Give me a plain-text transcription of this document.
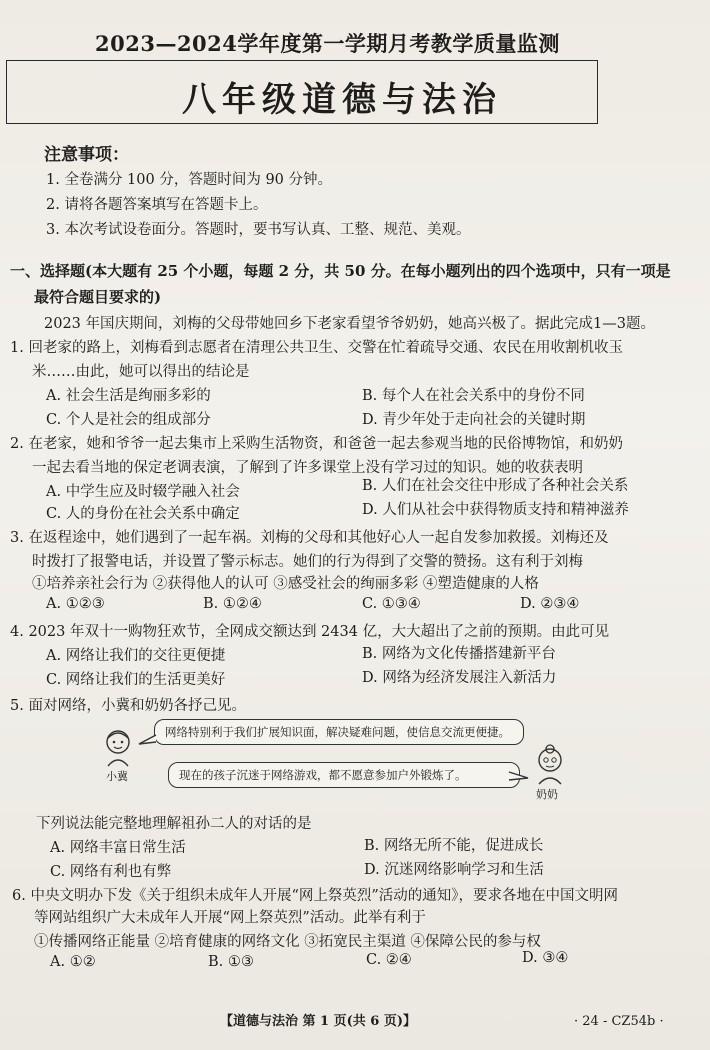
2023—2024学年度第一学期月考教学质量监测
八年级道德与法治
注意事项：
1. 全卷满分 100 分，答题时间为 90 分钟。
2. 请将各题答案填写在答题卡上。
3. 本次考试设卷面分。答题时，要书写认真、工整、规范、美观。
一、选择题(本大题有 25 个小题，每题 2 分，共 50 分。在每小题列出的四个选项中，只有一项是
最符合题目要求的)
2023 年国庆期间，刘梅的父母带她回乡下老家看望爷爷奶奶，她高兴极了。据此完成1—3题。
1. 回老家的路上，刘梅看到志愿者在清理公共卫生、交警在忙着疏导交通、农民在用收割机收玉
米……由此，她可以得出的结论是
A. 社会生活是绚丽多彩的	B. 每个人在社会关系中的身份不同
C. 个人是社会的组成部分	D. 青少年处于走向社会的关键时期
2. 在老家，她和爷爷一起去集市上采购生活物资，和爸爸一起去参观当地的民俗博物馆，和奶奶
一起去看当地的保定老调表演，了解到了许多课堂上没有学习过的知识。她的收获表明
A. 中学生应及时辍学融入社会	B. 人们在社会交往中形成了各种社会关系
C. 人的身份在社会关系中确定	D. 人们从社会中获得物质支持和精神滋养
3. 在返程途中，她们遇到了一起车祸。刘梅的父母和其他好心人一起自发参加救援。刘梅还及
时拨打了报警电话，并设置了警示标志。她们的行为得到了交警的赞扬。这有利于刘梅
①培养亲社会行为 ②获得他人的认可 ③感受社会的绚丽多彩 ④塑造健康的人格
A. ①②③	B. ①②④	C. ①③④	D. ②③④
4. 2023 年双十一购物狂欢节，全网成交额达到 2434 亿，大大超出了之前的预期。由此可见
A. 网络让我们的交往更便捷	B. 网络为文化传播搭建新平台
C. 网络让我们的生活更美好	D. 网络为经济发展注入新活力
5. 面对网络，小冀和奶奶各抒己见。
小冀
网络特别利于我们扩展知识面，解决疑难问题，使信息交流更便捷。
现在的孩子沉迷于网络游戏，都不愿意参加户外锻炼了。
奶奶
下列说法能完整地理解祖孙二人的对话的是
A. 网络丰富日常生活	B. 网络无所不能，促进成长
C. 网络有利也有弊	D. 沉迷网络影响学习和生活
6. 中央文明办下发《关于组织未成年人开展“网上祭英烈”活动的通知》，要求各地在中国文明网
等网站组织广大未成年人开展“网上祭英烈”活动。此举有利于
①传播网络正能量 ②培育健康的网络文化 ③拓宽民主渠道 ④保障公民的参与权
A. ①②	B. ①③	C. ②④	D. ③④
【道德与法治 第 1 页(共 6 页)】	· 24 - CZ54b ·
